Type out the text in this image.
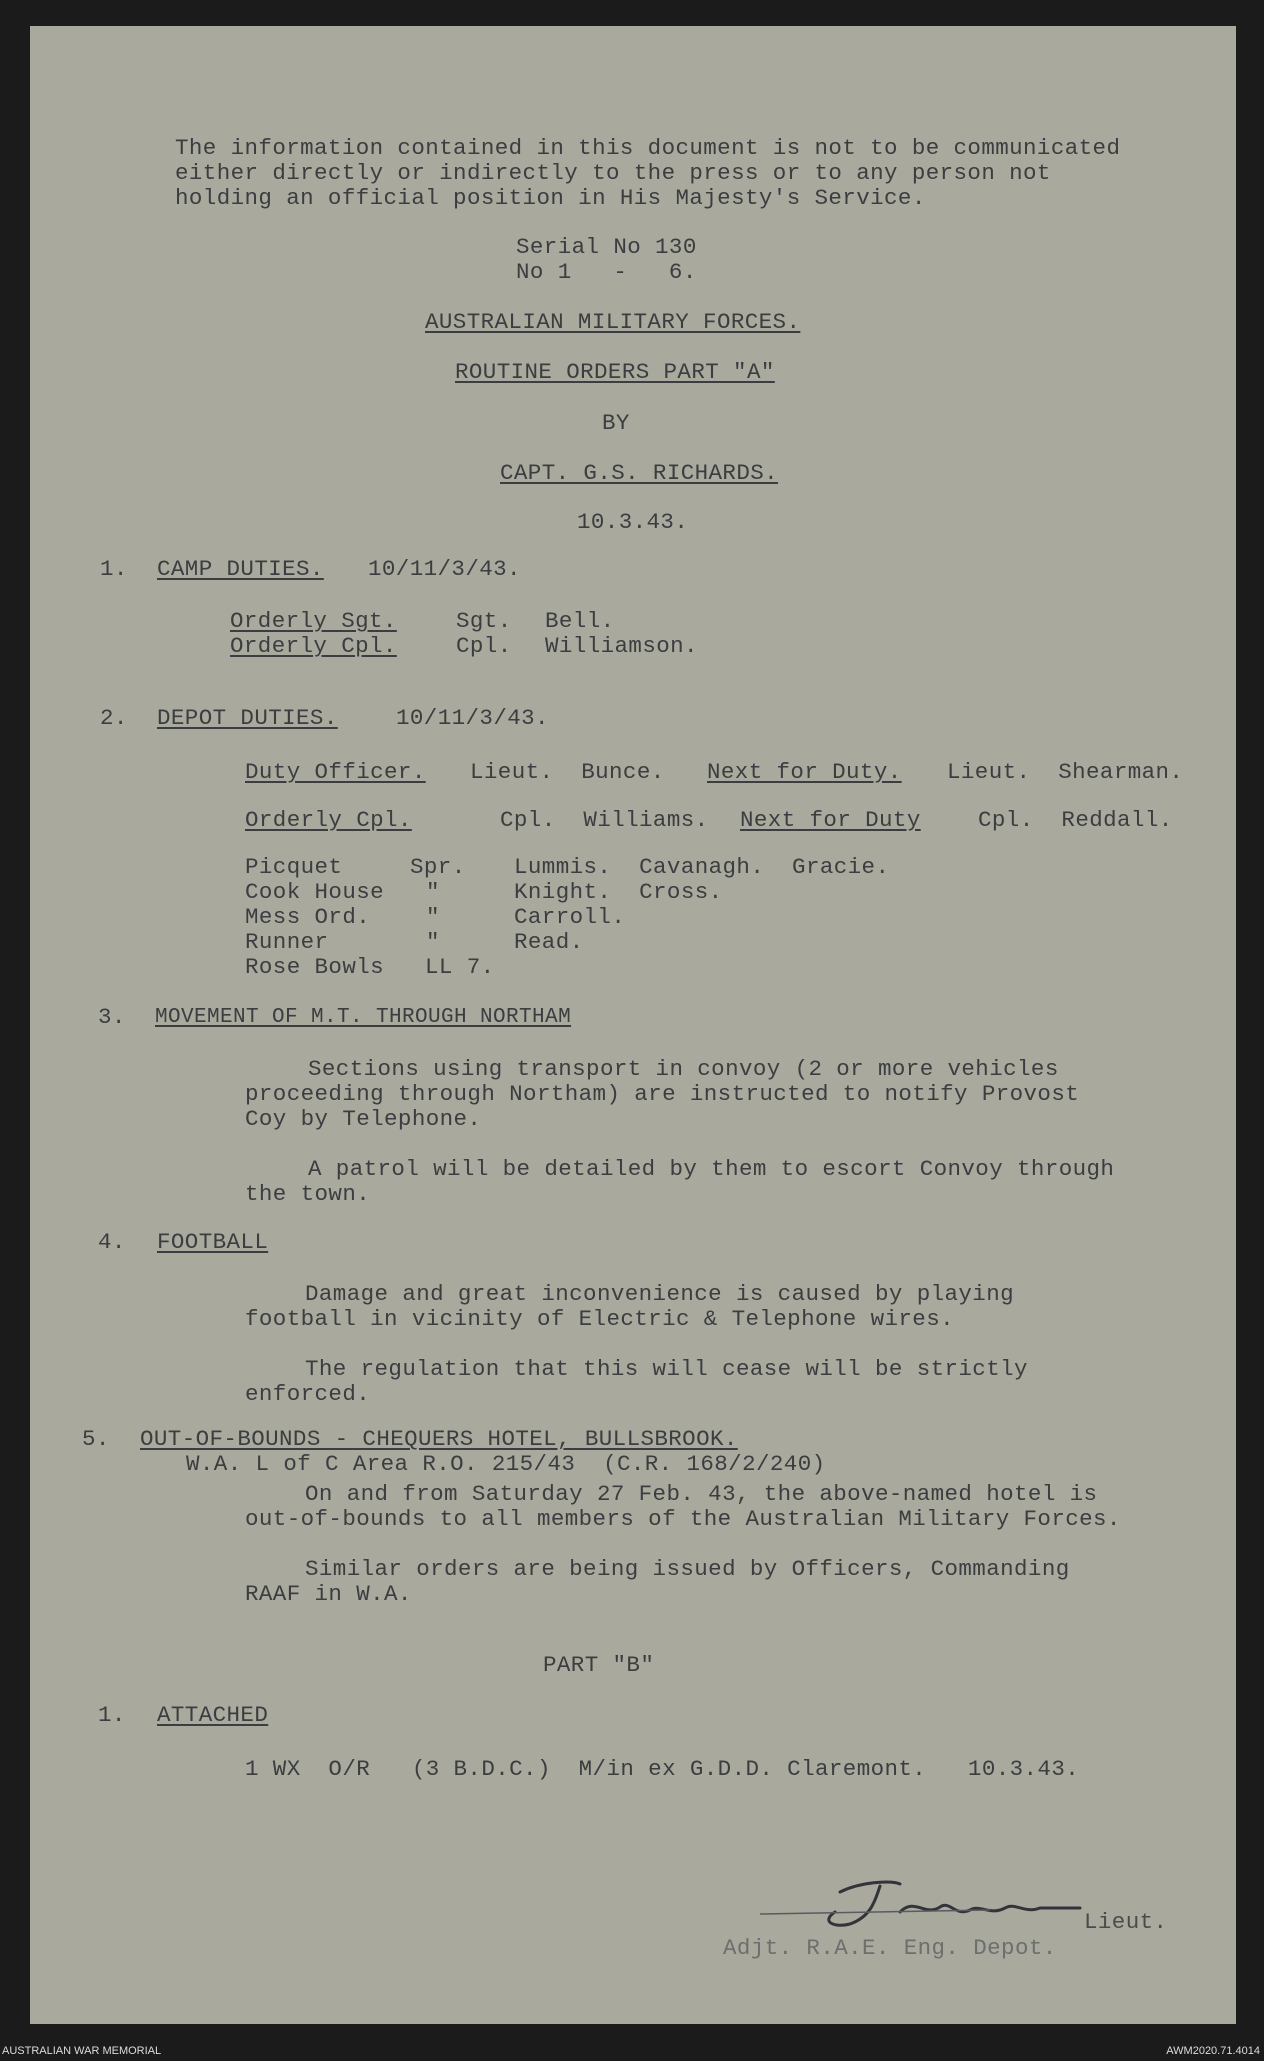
The information contained in this document is not to be communicated
either directly or indirectly to the press or to any person not
holding an official position in His Majesty's Service.
Serial No 130
No 1   -   6.
AUSTRALIAN MILITARY FORCES.
ROUTINE ORDERS PART "A"
BY
CAPT. G.S. RICHARDS.
10.3.43.
1. CAMP DUTIES. 10/11/3/43.
Orderly Sgt.	Sgt. Bell.
Orderly Cpl.	Cpl. Williamson.
2. DEPOT DUTIES.	10/11/3/43.
Duty Officer. Lieut.  Bunce. Next for Duty. Lieut.  Shearman.
Orderly Cpl.	Cpl.  Williams. Next for Duty	Cpl.  Reddall.
Picquet	Spr. Lummis.  Cavanagh.  Gracie.
Cook House "	Knight.  Cross.
Mess Ord. "	Carroll.
Runner	"	Read.
Rose Bowls LL 7.
3. MOVEMENT OF M.T. THROUGH NORTHAM
Sections using transport in convoy (2 or more vehicles
proceeding through Northam) are instructed to notify Provost
Coy by Telephone.
A patrol will be detailed by them to escort Convoy through
the town.
4. FOOTBALL
Damage and great inconvenience is caused by playing
football in vicinity of Electric & Telephone wires.
The regulation that this will cease will be strictly
enforced.
5. OUT-OF-BOUNDS - CHEQUERS HOTEL, BULLSBROOK.
W.A. L of C Area R.O. 215/43  (C.R. 168/2/240)
On and from Saturday 27 Feb. 43, the above-named hotel is
out-of-bounds to all members of the Australian Military Forces.
Similar orders are being issued by Officers, Commanding
RAAF in W.A.
PART "B"
1. ATTACHED
1 WX  O/R   (3 B.D.C.)  M/in ex G.D.D. Claremont.   10.3.43.
Lieut.
Adjt. R.A.E. Eng. Depot.
AUSTRALIAN WAR MEMORIAL	AWM2020.71.4014
